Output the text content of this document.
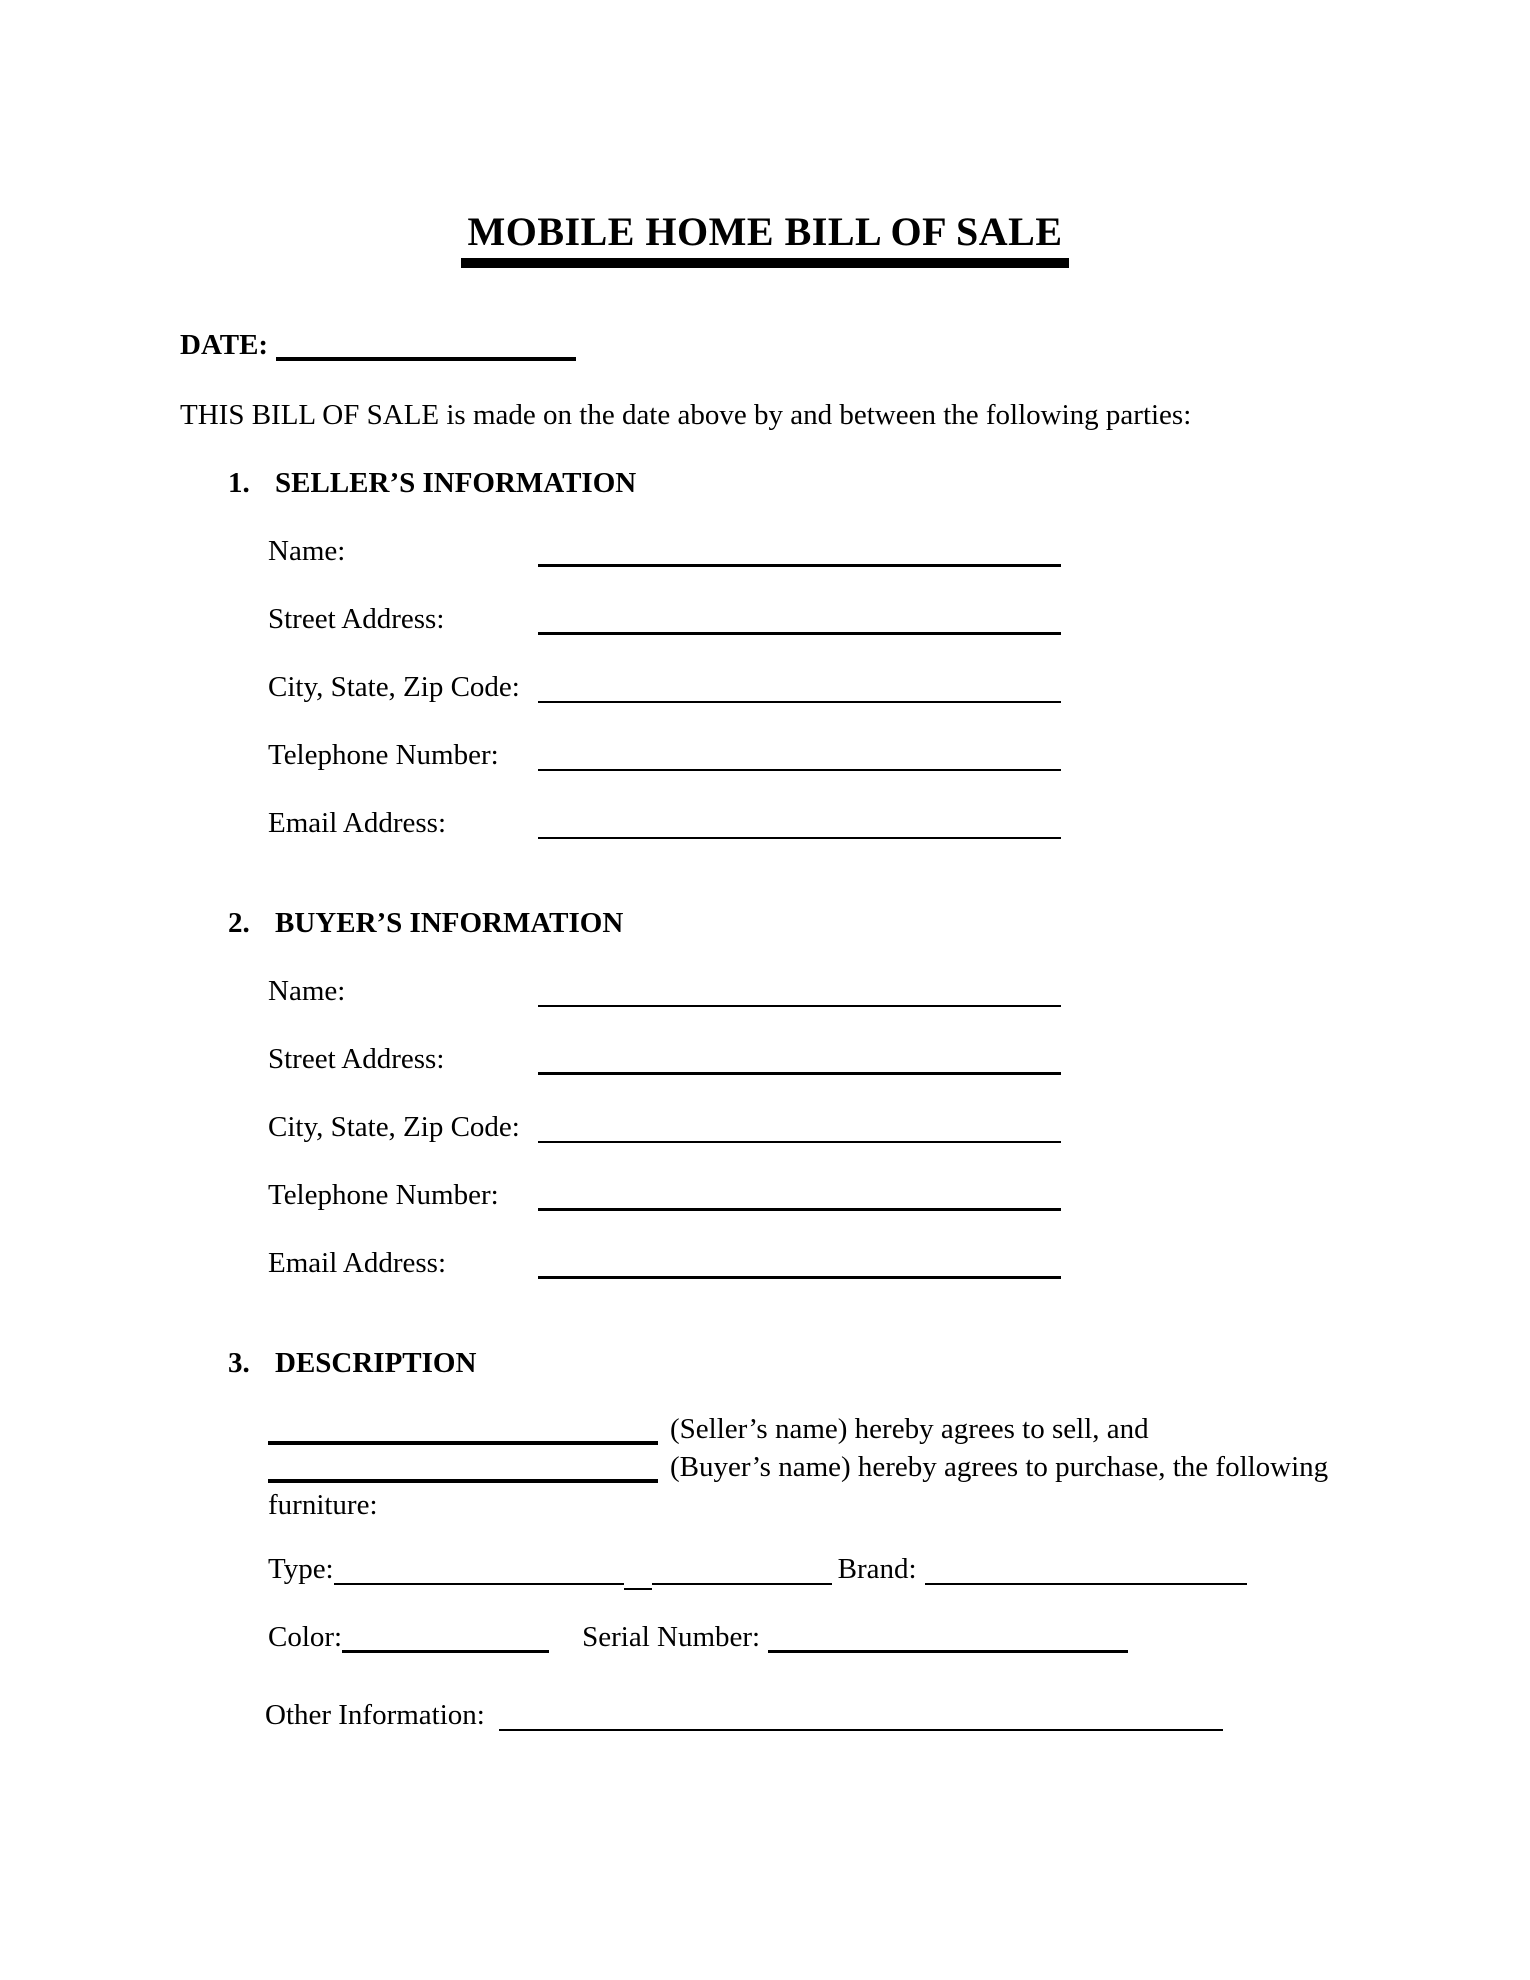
MOBILE HOME BILL OF SALE
DATE:

THIS BILL OF SALE is made on the date above by and between the following parties:

1. SELLER’S INFORMATION
Name:
Street Address:
City, State, Zip Code:
Telephone Number:
Email Address:
2. BUYER’S INFORMATION
Name:
Street Address:
City, State, Zip Code:
Telephone Number:
Email Address:
3. DESCRIPTION
(Seller’s name) hereby agrees to sell, and
(Buyer’s name) hereby agrees to purchase, the following
furniture:
Type:	Brand:
Color:	Serial Number:
Other Information:
